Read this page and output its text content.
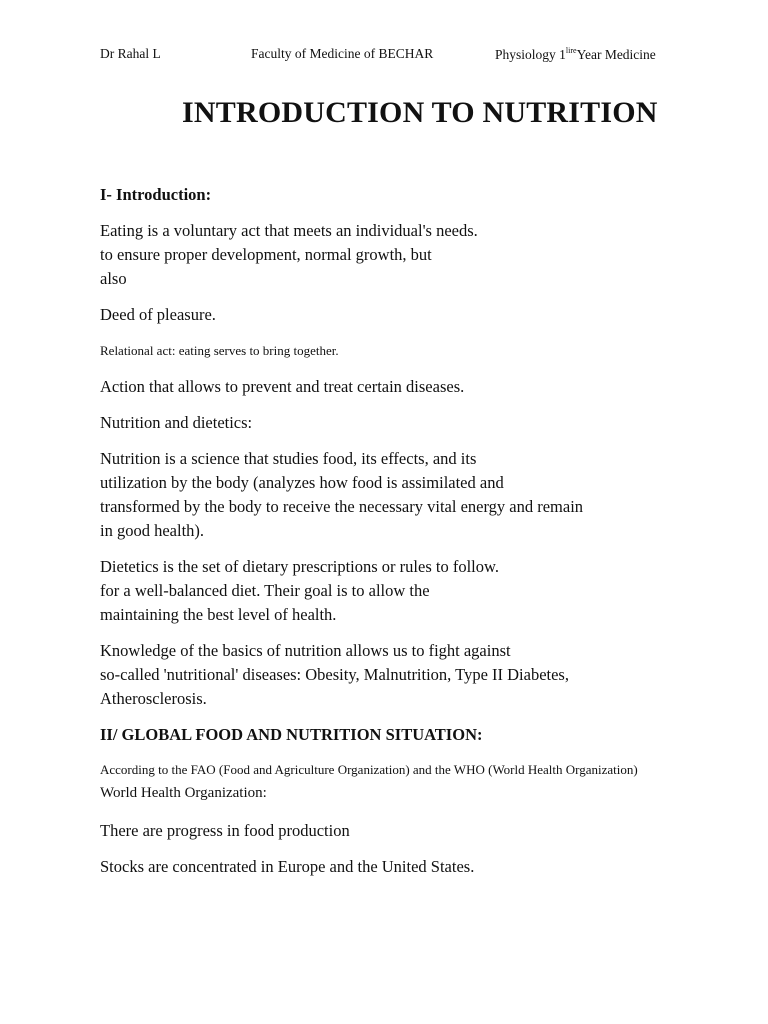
Dr Rahal L	Faculty of Medicine of BECHAR	Physiology $1^{lire}Year$ Medicine
INTRODUCTION TO NUTRITION
I- Introduction:
Eating is a voluntary act that meets an individual's needs.
to ensure proper development, normal growth, but
also
Deed of pleasure.
Relational act: eating serves to bring together.
Action that allows to prevent and treat certain diseases.
Nutrition and dietetics:
Nutrition is a science that studies food, its effects, and its
utilization by the body (analyzes how food is assimilated and
transformed by the body to receive the necessary vital energy and remain
in good health).
Dietetics is the set of dietary prescriptions or rules to follow.
for a well-balanced diet. Their goal is to allow the
maintaining the best level of health.
Knowledge of the basics of nutrition allows us to fight against
so-called 'nutritional' diseases: Obesity, Malnutrition, Type II Diabetes,
Atherosclerosis.
II/ GLOBAL FOOD AND NUTRITION SITUATION:
According to the FAO (Food and Agriculture Organization) and the WHO (World Health Organization)
World Health Organization:
There are progress in food production
Stocks are concentrated in Europe and the United States.
